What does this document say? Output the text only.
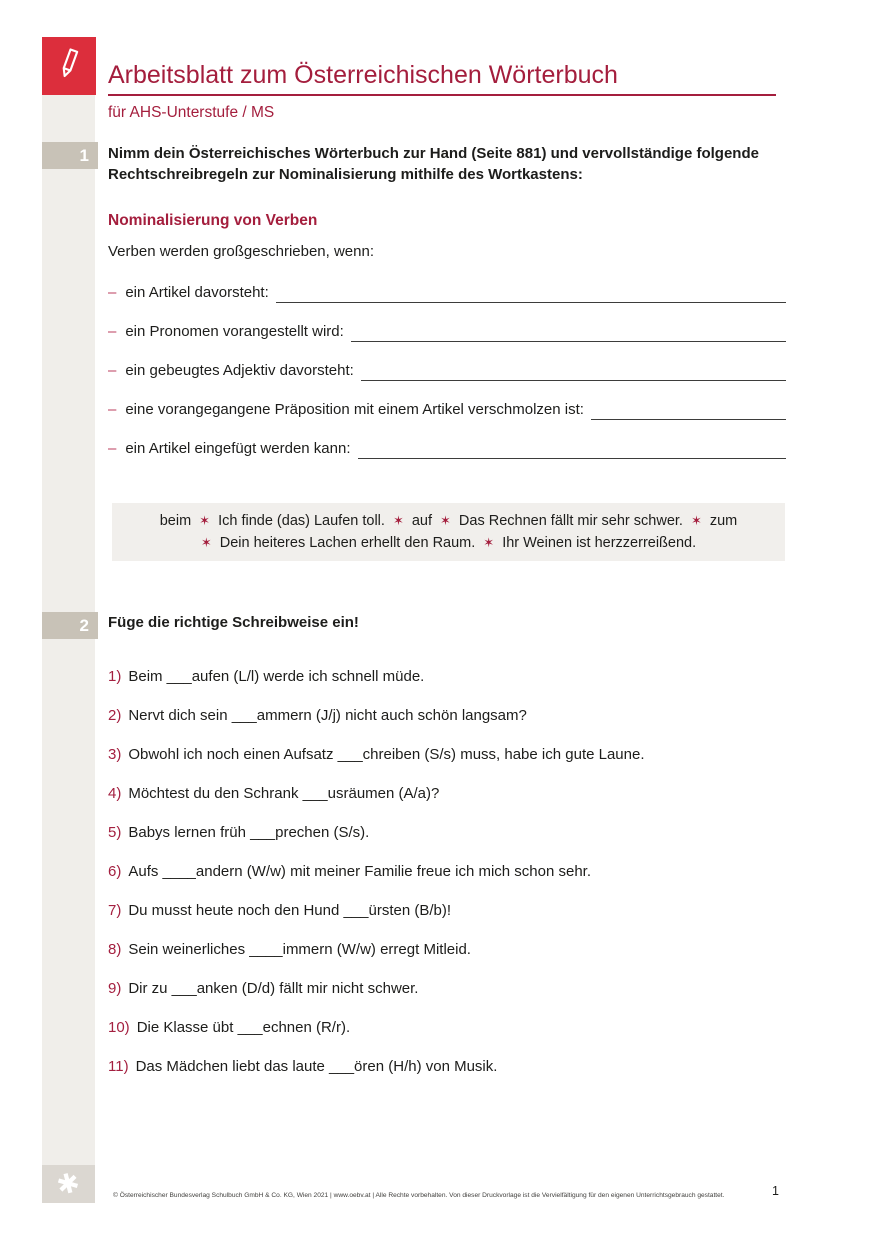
1
2
✱
Arbeitsblatt zum Österreichischen Wörterbuch
für AHS-Unterstufe / MS
Nimm dein Österreichisches Wörterbuch zur Hand (Seite 881) und vervollständige folgende Rechtschreibregeln zur Nominalisierung mithilfe des Wortkastens:
Nominalisierung von Verben
Verben werden großgeschrieben, wenn:
– ein Artikel davorsteht:
– ein Pronomen vorangestellt wird:
– ein gebeugtes Adjektiv davorsteht:
– eine vorangegangene Präposition mit einem Artikel verschmolzen ist:
– ein Artikel eingefügt werden kann:
beim ✶ Ich finde (das) Laufen toll. ✶ auf ✶ Das Rechnen fällt mir sehr schwer. ✶ zum
✶ Dein heiteres Lachen erhellt den Raum. ✶ Ihr Weinen ist herzzerreißend.
Füge die richtige Schreibweise ein!
1) Beim ___aufen (L/l) werde ich schnell müde.
2) Nervt dich sein ___ammern (J/j) nicht auch schön langsam?
3) Obwohl ich noch einen Aufsatz ___chreiben (S/s) muss, habe ich gute Laune.
4) Möchtest du den Schrank ___usräumen (A/a)?
5) Babys lernen früh ___prechen (S/s).
6) Aufs ____andern (W/w) mit meiner Familie freue ich mich schon sehr.
7) Du musst heute noch den Hund ___ürsten (B/b)!
8) Sein weinerliches ____immern (W/w) erregt Mitleid.
9) Dir zu ___anken (D/d) fällt mir nicht schwer.
10) Die Klasse übt ___echnen (R/r).
11) Das Mädchen liebt das laute ___ören (H/h) von Musik.
© Österreichischer Bundesverlag Schulbuch GmbH & Co. KG, Wien 2021 | www.oebv.at | Alle Rechte vorbehalten. Von dieser Druckvorlage ist die Vervielfältigung für den eigenen Unterrichtsgebrauch gestattet.	1
